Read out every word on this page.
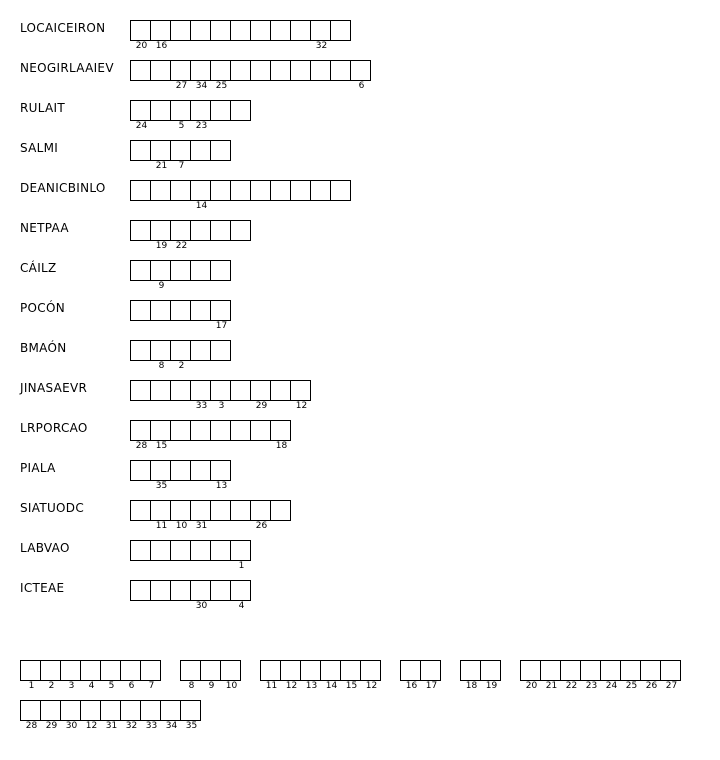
LOCAICEIRON
20 16	32
NEOGIRLAAIEV
27 34 25	6
RULAIT
24	5	23
SALMI
21	7
DEANICBINLO
14
NETPAA
19 22
CÁILZ
9
POCÓN
17
BMAÓN
8	2
JINASAEVR
33	3	29	12
LRPORCAO
28 15	18
PIALA
35	13
SIATUODC
11 10 31	26
LABVAO
1
ICTEAE
30	4
1	2	3	4	5	6	7	8	9	10	11 12 13 14 15 12	16 17	18 19	20 21 22 23 24 25 26 27
28 29 30 12 31 32 33 34 35
